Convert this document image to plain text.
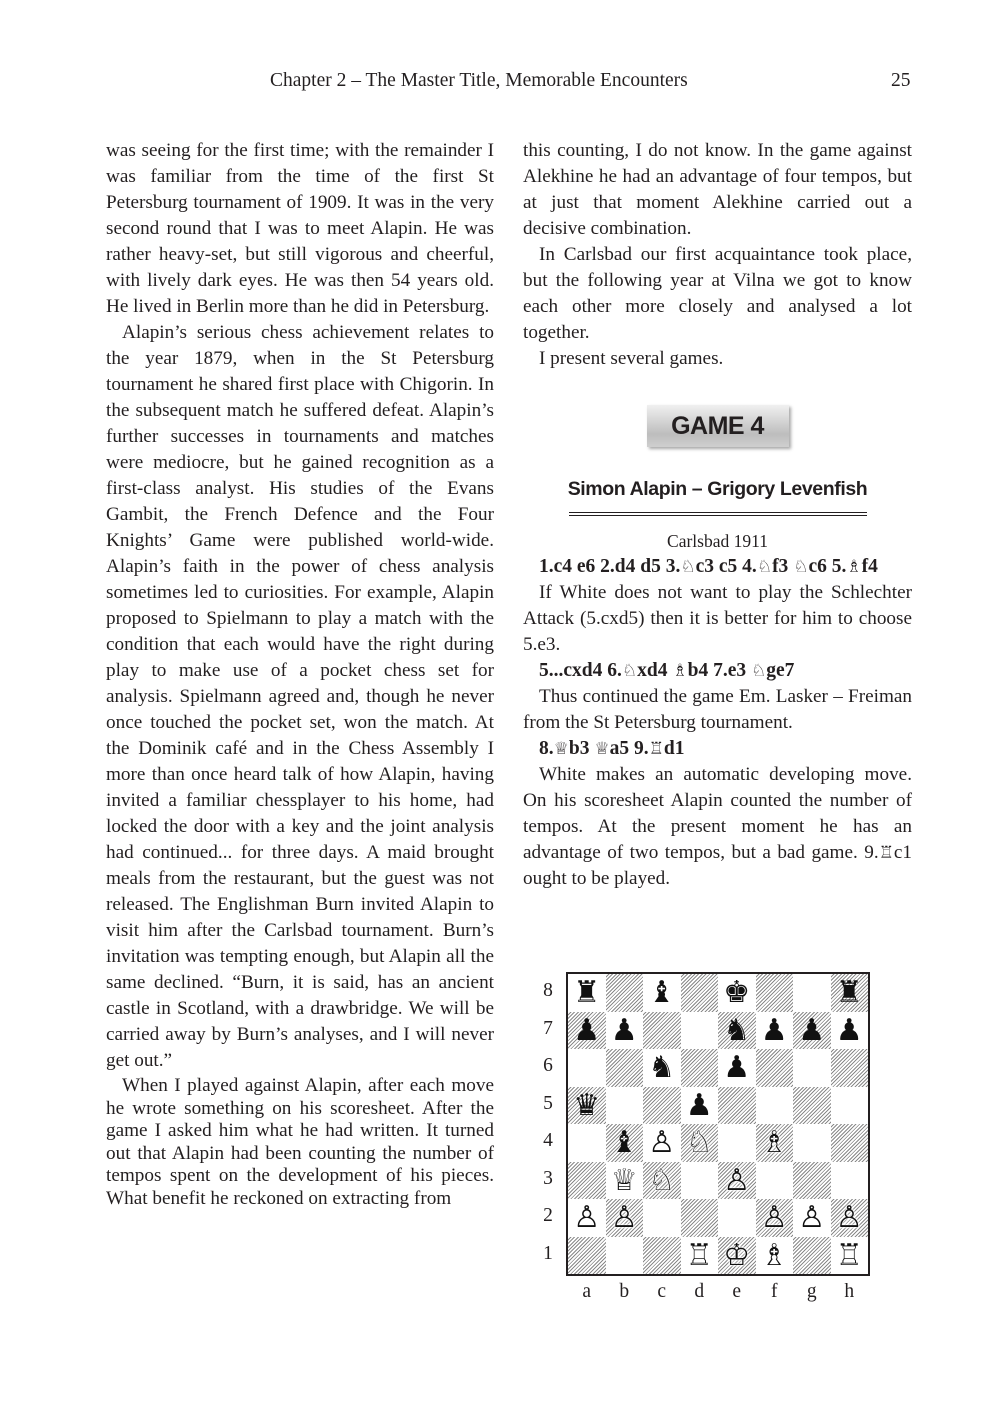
Chapter 2 – The Master Title, Memorable Encounters	25

was seeing for the first time; with the remainder I was familiar from the time of the first St Petersburg tournament of 1909. It was in the very second round that I was to meet Alapin. He was rather heavy-set, but still vigorous and cheerful, with lively dark eyes. He was then 54 years old. He lived in Berlin more than he did in Petersburg.

Alapin’s serious chess achievement relates to the year 1879, when in the St Petersburg tournament he shared first place with Chigorin. In the subsequent match he suffered defeat. Alapin’s further successes in tournaments and matches were mediocre, but he gained recognition as a first-class analyst. His studies of the Evans Gambit, the French Defence and the Four Knights’ Game were published world-wide. Alapin’s faith in the power of chess analysis sometimes led to curiosities. For example, Alapin proposed to Spielmann to play a match with the condition that each would have the right during play to make use of a pocket chess set for analysis. Spielmann agreed and, though he never once touched the pocket set, won the match. At the Dominik café and in the Chess Assembly I more than once heard talk of how Alapin, having invited a familiar chessplayer to his home, had locked the door with a key and the joint analysis had continued... for three days. A maid brought meals from the restaurant, but the guest was not released. The Englishman Burn invited Alapin to visit him after the Carlsbad tournament. Burn’s invitation was tempting enough, but Alapin all the same declined. “Burn, it is said, has an ancient castle in Scotland, with a drawbridge. We will be carried away by Burn’s analyses, and I will never get out.”

When I played against Alapin, after each move he wrote something on his scoresheet. After the game I asked him what he had written. It turned out that Alapin had been counting the number of tempos spent on the development of his pieces. What benefit he reckoned on extracting from

this counting, I do not know. In the game against Alekhine he had an advantage of four tempos, but at just that moment Alekhine carried out a decisive combination.

In Carlsbad our first acquaintance took place, but the following year at Vilna we got to know each other more closely and analysed a lot together.

I present several games.

GAME 4
Simon Alapin – Grigory Levenfish
Carlsbad 1911

1.c4 e6 2.d4 d5 3.♘c3 c5 4.♘f3 ♘c6 5.♗f4

If White does not want to play the Schlechter Attack (5.cxd5) then it is better for him to choose 5.e3.

5...cxd4 6.♘xd4 ♗b4 7.e3 ♘ge7

Thus continued the game Em. Lasker – Freiman from the St Petersburg tournament.

8.♕b3 ♕a5 9.♖d1

White makes an automatic developing move. On his scoresheet Alapin counted the number of tempos. At the present moment he has an advantage of two tempos, but a bad game. 9.♖c1 ought to be played.

♜ ♝ ♚	♜
♟ ♟	♞ ♟ ♟ ♟
♞ ♟
♛	♟
♝ ♙ ♘ ♗
♕ ♘ ♙
♙ ♙	♙ ♙ ♙
♖ ♔ ♗ ♖
8
7
6
5
4
3
2
1
a	b	c	d	e	f	g	h
